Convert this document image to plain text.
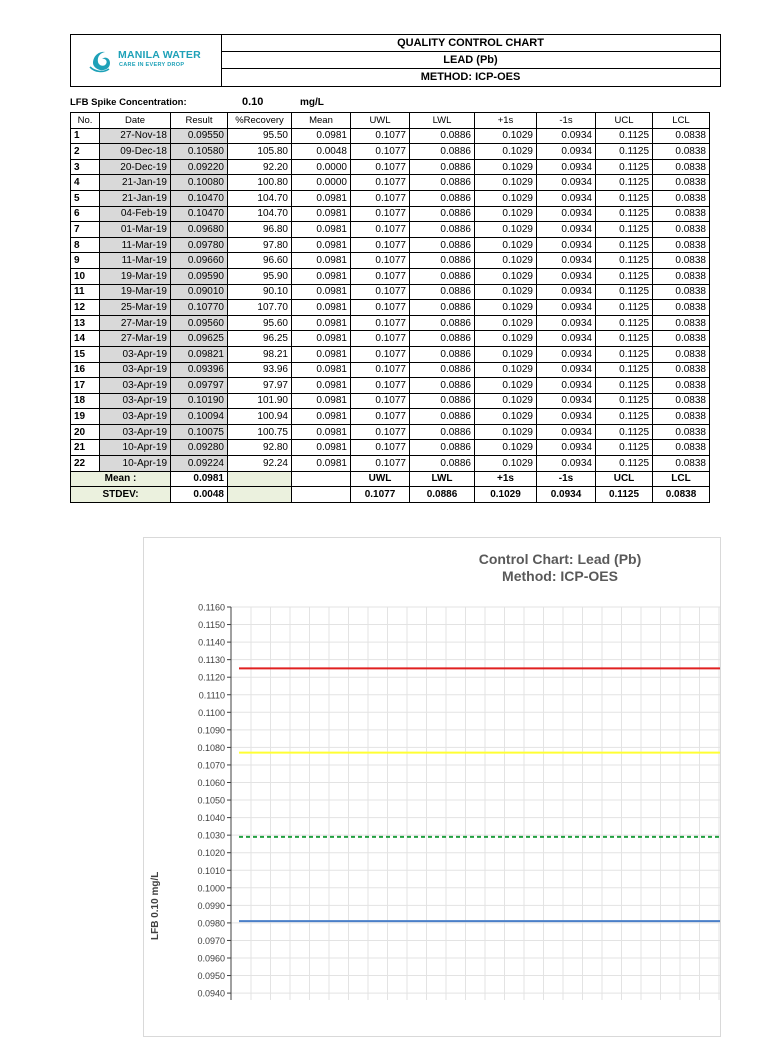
MANILA WATER
CARE IN EVERY DROP
QUALITY CONTROL CHART
LEAD (Pb)
METHOD: ICP-OES
LFB Spike Concentration:	0.10	mg/L
No.	Date	Result	%Recovery	Mean	UWL	LWL	+1s	-1s	UCL	LCL
1	27-Nov-18	0.09550	95.50	0.0981	0.1077	0.0886	0.1029	0.0934	0.1125	0.0838
2	09-Dec-18	0.10580	105.80	0.0048	0.1077	0.0886	0.1029	0.0934	0.1125	0.0838
3	20-Dec-19	0.09220	92.20	0.0000	0.1077	0.0886	0.1029	0.0934	0.1125	0.0838
4	21-Jan-19	0.10080	100.80	0.0000	0.1077	0.0886	0.1029	0.0934	0.1125	0.0838
5	21-Jan-19	0.10470	104.70	0.0981	0.1077	0.0886	0.1029	0.0934	0.1125	0.0838
6	04-Feb-19	0.10470	104.70	0.0981	0.1077	0.0886	0.1029	0.0934	0.1125	0.0838
7	01-Mar-19	0.09680	96.80	0.0981	0.1077	0.0886	0.1029	0.0934	0.1125	0.0838
8	11-Mar-19	0.09780	97.80	0.0981	0.1077	0.0886	0.1029	0.0934	0.1125	0.0838
9	11-Mar-19	0.09660	96.60	0.0981	0.1077	0.0886	0.1029	0.0934	0.1125	0.0838
10	19-Mar-19	0.09590	95.90	0.0981	0.1077	0.0886	0.1029	0.0934	0.1125	0.0838
11	19-Mar-19	0.09010	90.10	0.0981	0.1077	0.0886	0.1029	0.0934	0.1125	0.0838
12	25-Mar-19	0.10770	107.70	0.0981	0.1077	0.0886	0.1029	0.0934	0.1125	0.0838
13	27-Mar-19	0.09560	95.60	0.0981	0.1077	0.0886	0.1029	0.0934	0.1125	0.0838
14	27-Mar-19	0.09625	96.25	0.0981	0.1077	0.0886	0.1029	0.0934	0.1125	0.0838
15	03-Apr-19	0.09821	98.21	0.0981	0.1077	0.0886	0.1029	0.0934	0.1125	0.0838
16	03-Apr-19	0.09396	93.96	0.0981	0.1077	0.0886	0.1029	0.0934	0.1125	0.0838
17	03-Apr-19	0.09797	97.97	0.0981	0.1077	0.0886	0.1029	0.0934	0.1125	0.0838
18	03-Apr-19	0.10190	101.90	0.0981	0.1077	0.0886	0.1029	0.0934	0.1125	0.0838
19	03-Apr-19	0.10094	100.94	0.0981	0.1077	0.0886	0.1029	0.0934	0.1125	0.0838
20	03-Apr-19	0.10075	100.75	0.0981	0.1077	0.0886	0.1029	0.0934	0.1125	0.0838
21	10-Apr-19	0.09280	92.80	0.0981	0.1077	0.0886	0.1029	0.0934	0.1125	0.0838
22	10-Apr-19	0.09224	92.24	0.0981	0.1077	0.0886	0.1029	0.0934	0.1125	0.0838
Mean :		0.0981			UWL	LWL	+1s	-1s	UCL	LCL
STDEV:		0.0048			0.1077	0.0886	0.1029	0.0934	0.1125	0.0838
Control Chart: Lead (Pb)
Method: ICP-OES
LFB 0.10 mg/L
0.1160
0.1150
0.1140
0.1130
0.1120
0.1110
0.1100
0.1090
0.1080
0.1070
0.1060
0.1050
0.1040
0.1030
0.1020
0.1010
0.1000
0.0990
0.0980
0.0970
0.0960
0.0950
0.0940
